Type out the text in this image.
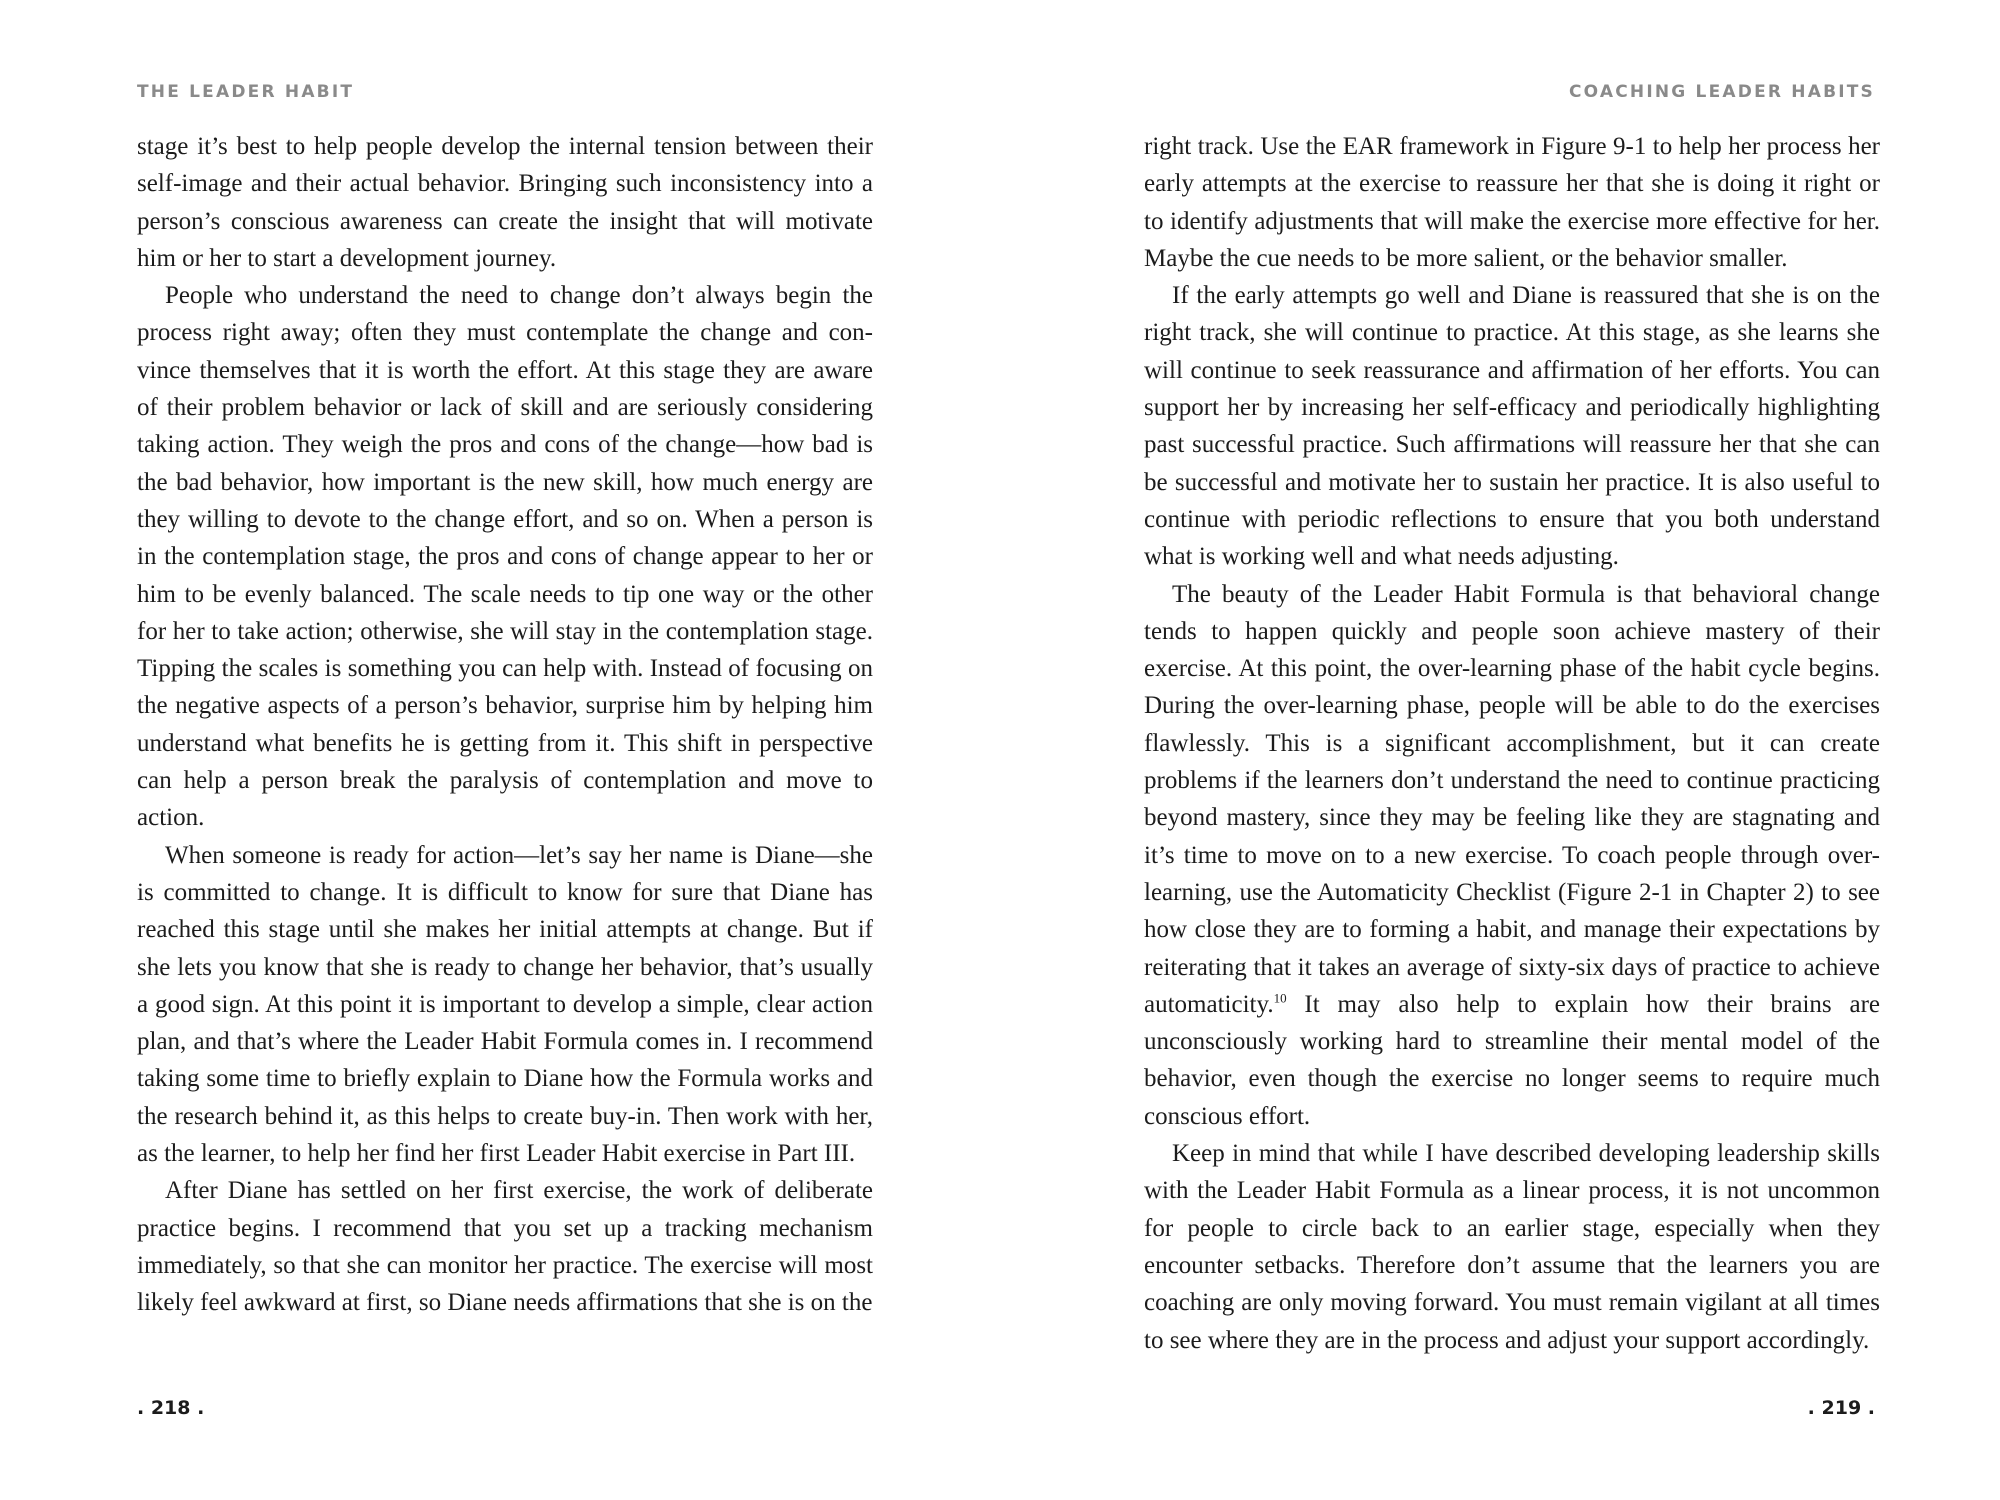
THE LEADER HABIT

stage it’s best to help people develop the internal tension between their self-image and their actual behavior. Bringing such inconsistency into a person’s conscious awareness can create the insight that will motivate him or her to start a development journey.

People who understand the need to change don’t always begin the process right away; often they must contemplate the change and convince themselves that it is worth the effort. At this stage they are aware of their problem behavior or lack of skill and are seriously considering taking action. They weigh the pros and cons of the change—how bad is the bad behavior, how important is the new skill, how much energy are they willing to devote to the change effort, and so on. When a person is in the contemplation stage, the pros and cons of change appear to her or him to be evenly balanced. The scale needs to tip one way or the other for her to take action; otherwise, she will stay in the contemplation stage. Tipping the scales is something you can help with. Instead of focusing on the negative aspects of a person’s behavior, surprise him by helping him understand what benefits he is getting from it. This shift in perspective can help a person break the paralysis of contemplation and move to action.

When someone is ready for action—let’s say her name is Diane—she is committed to change. It is difficult to know for sure that Diane has reached this stage until she makes her initial attempts at change. But if she lets you know that she is ready to change her behavior, that’s usually a good sign. At this point it is important to develop a simple, clear action plan, and that’s where the Leader Habit Formula comes in. I recommend taking some time to briefly explain to Diane how the Formula works and the research behind it, as this helps to create buy-in. Then work with her, as the learner, to help her find her first Leader Habit exercise in Part III.

After Diane has settled on her first exercise, the work of deliberate practice begins. I recommend that you set up a tracking mechanism immediately, so that she can monitor her practice. The exercise will most likely feel awkward at first, so Diane needs affirmations that she is on the

. 218 .
COACHING LEADER HABITS

right track. Use the EAR framework in Figure 9-1 to help her process her early attempts at the exercise to reassure her that she is doing it right or to identify adjustments that will make the exercise more effective for her. Maybe the cue needs to be more salient, or the behavior smaller.

If the early attempts go well and Diane is reassured that she is on the right track, she will continue to practice. At this stage, as she learns she will continue to seek reassurance and affirmation of her efforts. You can support her by increasing her self-efficacy and periodically highlighting past successful practice. Such affirmations will reassure her that she can be successful and motivate her to sustain her practice. It is also useful to continue with periodic reflections to ensure that you both understand what is working well and what needs adjusting.

The beauty of the Leader Habit Formula is that behavioral change tends to happen quickly and people soon achieve mastery of their exercise. At this point, the over-learning phase of the habit cycle begins. During the over-learning phase, people will be able to do the exercises flawlessly. This is a significant accomplishment, but it can create problems if the learners don’t understand the need to continue practicing beyond mastery, since they may be feeling like they are stagnating and it’s time to move on to a new exercise. To coach people through over-learning, use the Automaticity Checklist (Figure 2-1 in Chapter 2) to see how close they are to forming a habit, and manage their expectations by reiterating that it takes an average of sixty-six days of practice to achieve automaticity.$^{10}$ It may also help to explain how their brains are unconsciously working hard to streamline their mental model of the behavior, even though the exercise no longer seems to require much conscious effort.

Keep in mind that while I have described developing leadership skills with the Leader Habit Formula as a linear process, it is not uncommon for people to circle back to an earlier stage, especially when they encounter setbacks. Therefore don’t assume that the learners you are coaching are only moving forward. You must remain vigilant at all times to see where they are in the process and adjust your support accordingly.

. 219 .
